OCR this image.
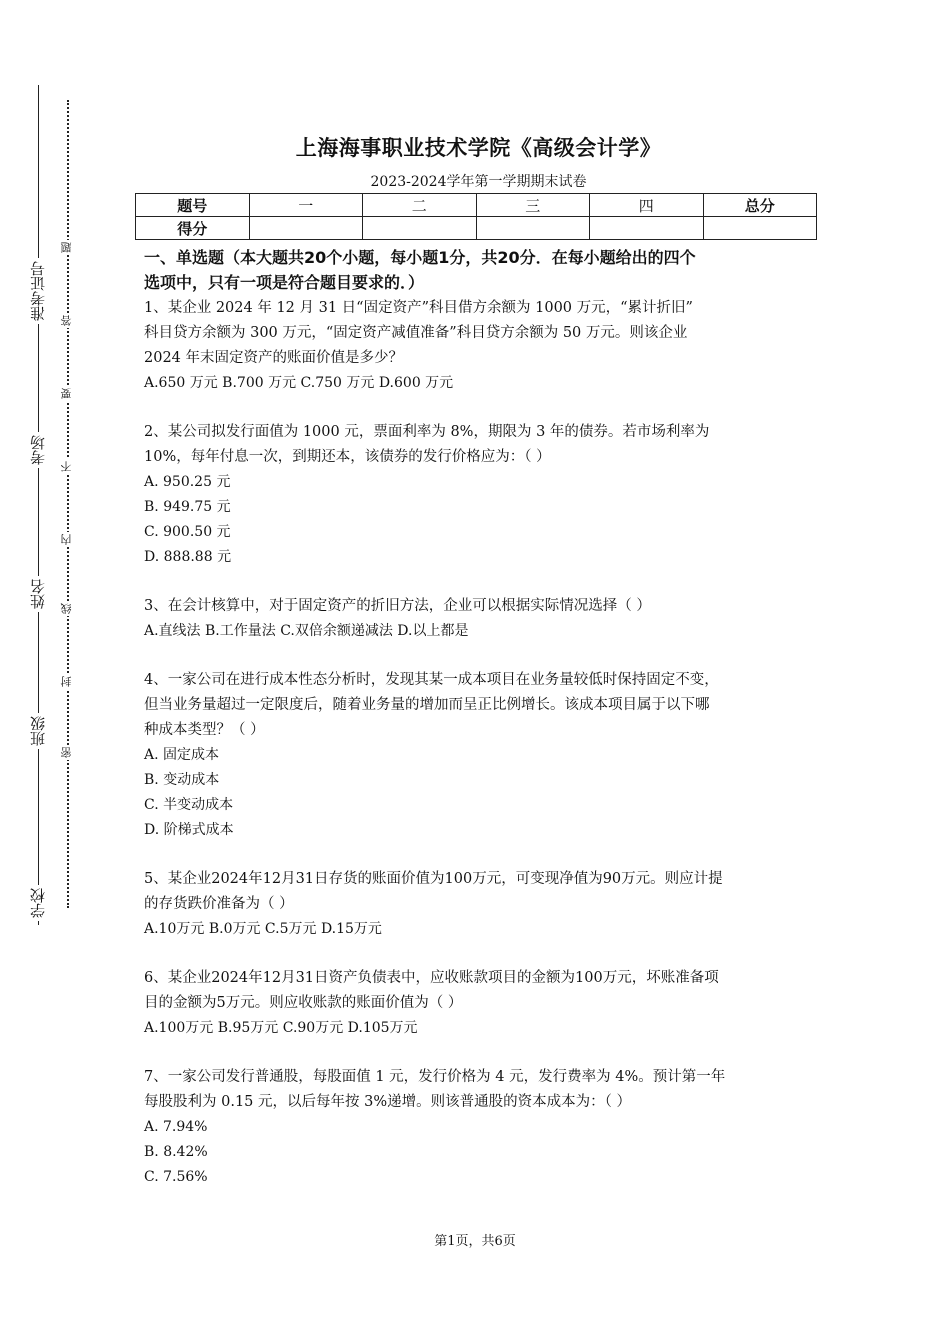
准考证号
考场
姓名
班级
学校
题
答
要
不
内
线
封
密
上海海事职业技术学院《高级会计学》
2023-2024学年第一学期期末试卷
题号	一	二	三	四	总分
得分					
一、单选题（本大题共20个小题，每小题1分，共20分．在每小题给出的四个
选项中，只有一项是符合题目要求的．）

1、某企业 2024 年 12 月 31 日“固定资产”科目借方余额为 1000 万元，“累计折旧”

科目贷方余额为 300 万元，“固定资产减值准备”科目贷方余额为 50 万元。则该企业

2024 年末固定资产的账面价值是多少？

A.650 万元 B.700 万元 C.750 万元 D.600 万元

2、某公司拟发行面值为 1000 元，票面利率为 8%，期限为 3 年的债券。若市场利率为

10%，每年付息一次，到期还本，该债券的发行价格应为：（ ）

A. 950.25 元

B. 949.75 元

C. 900.50 元

D. 888.88 元

3、在会计核算中，对于固定资产的折旧方法，企业可以根据实际情况选择（ ）

A.直线法 B.工作量法 C.双倍余额递减法 D.以上都是

4、一家公司在进行成本性态分析时，发现其某一成本项目在业务量较低时保持固定不变，

但当业务量超过一定限度后，随着业务量的增加而呈正比例增长。该成本项目属于以下哪

种成本类型？（ ）

A. 固定成本

B. 变动成本

C. 半变动成本

D. 阶梯式成本

5、某企业2024年12月31日存货的账面价值为100万元，可变现净值为90万元。则应计提

的存货跌价准备为（ ）

A.10万元 B.0万元 C.5万元 D.15万元

6、某企业2024年12月31日资产负债表中，应收账款项目的金额为100万元，坏账准备项

目的金额为5万元。则应收账款的账面价值为（ ）

A.100万元 B.95万元 C.90万元 D.105万元

7、一家公司发行普通股，每股面值 1 元，发行价格为 4 元，发行费率为 4%。预计第一年

每股股利为 0.15 元，以后每年按 3%递增。则该普通股的资本成本为：（ ）

A. 7.94%

B. 8.42%

C. 7.56%

第1页，共6页
